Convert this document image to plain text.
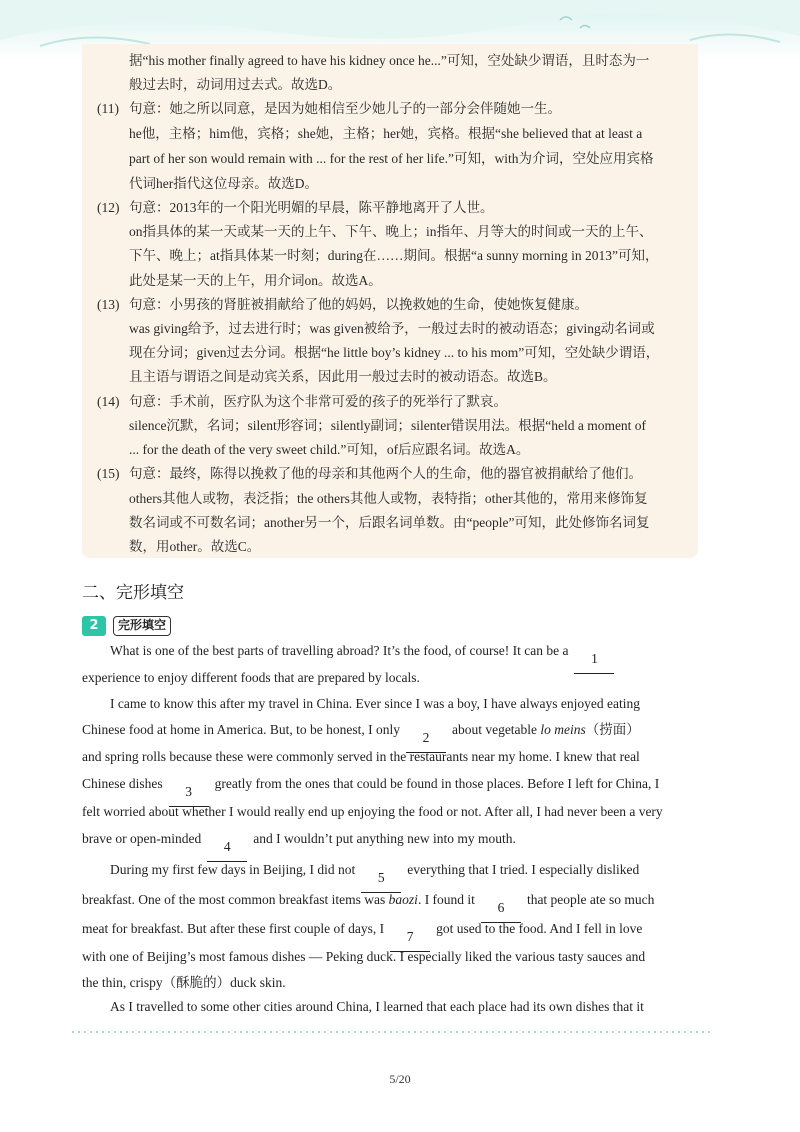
据“his mother finally agreed to have his kidney once he...”可知，空处缺少谓语，且时态为一
般过去时，动词用过去式。故选D。
(11) 句意：她之所以同意，是因为她相信至少她儿子的一部分会伴随她一生。
he他，主格；him他，宾格；she她，主格；her她，宾格。根据“she believed that at least a
part of her son would remain with ... for the rest of her life.”可知，with为介词，空处应用宾格
代词her指代这位母亲。故选D。
(12) 句意：2013年的一个阳光明媚的早晨，陈平静地离开了人世。
on指具体的某一天或某一天的上午、下午、晚上；in指年、月等大的时间或一天的上午、
下午、晚上；at指具体某一时刻；during在……期间。根据“a sunny morning in 2013”可知，
此处是某一天的上午，用介词on。故选A。
(13) 句意：小男孩的肾脏被捐献给了他的妈妈，以挽救她的生命，使她恢复健康。
was giving给予，过去进行时；was given被给予，一般过去时的被动语态；giving动名词或
现在分词；given过去分词。根据“he little boy’s kidney ... to his mom”可知，空处缺少谓语，
且主语与谓语之间是动宾关系，因此用一般过去时的被动语态。故选B。
(14) 句意：手术前，医疗队为这个非常可爱的孩子的死举行了默哀。
silence沉默，名词；silent形容词；silently副词；silenter错误用法。根据“held a moment of
... for the death of the very sweet child.”可知，of后应跟名词。故选A。
(15) 句意：最终，陈得以挽救了他的母亲和其他两个人的生命，他的器官被捐献给了他们。
others其他人或物，表泛指；the others其他人或物，表特指；other其他的，常用来修饰复
数名词或不可数名词；another另一个，后跟名词单数。由“people”可知，此处修饰名词复
数，用other。故选C。
二、完形填空
2	完形填空
What is one of the best parts of travelling abroad? It’s the food, of course! It can be a1
experience to enjoy different foods that are prepared by locals.
I came to know this after my travel in China. Ever since I was a boy, I have always enjoyed eating
Chinese food at home in America. But, to be honest, I only2about vegetable lo meins（捞面）
and spring rolls because these were commonly served in the restaurants near my home. I knew that real
Chinese dishes3greatly from the ones that could be found in those places. Before I left for China, I
felt worried about whether I would really end up enjoying the food or not. After all, I had never been a very
brave or open-minded4and I wouldn’t put anything new into my mouth.
During my first few days in Beijing, I did not5everything that I tried. I especially disliked
breakfast. One of the most common breakfast items was baozi. I found it6that people ate so much
meat for breakfast. But after these first couple of days, I7got used to the food. And I fell in love
with one of Beijing’s most famous dishes — Peking duck. I especially liked the various tasty sauces and
the thin, crispy（酥脆的）duck skin.
As I travelled to some other cities around China, I learned that each place had its own dishes that it
5/20
